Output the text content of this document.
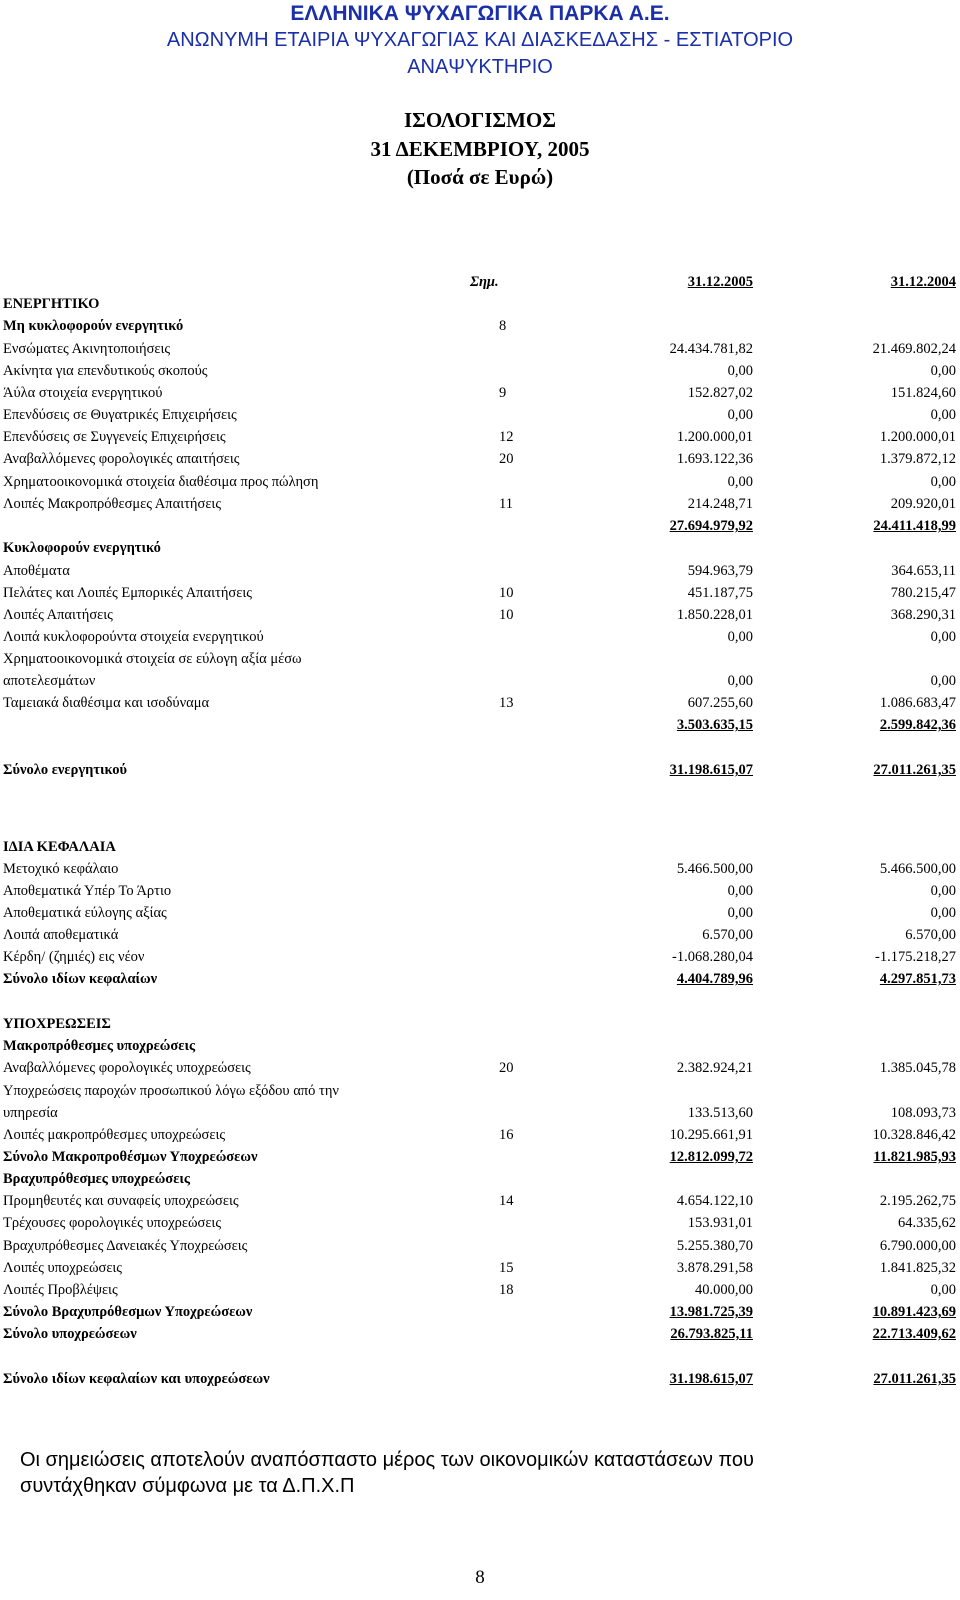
ΕΛΛΗΝΙΚΑ ΨΥΧΑΓΩΓΙΚΑ ΠΑΡΚΑ Α.Ε.
ΑΝΩΝΥΜΗ ΕΤΑΙΡΙΑ ΨΥΧΑΓΩΓΙΑΣ ΚΑΙ ΔΙΑΣΚΕΔΑΣΗΣ - ΕΣΤΙΑΤΟΡΙΟ
ΑΝΑΨΥΚΤΗΡΙΟ
ΙΣΟΛΟΓΙΣΜΟΣ
31 ΔΕΚΕΜΒΡΙΟΥ, 2005
(Ποσά σε Ευρώ)
Σημ.	31.12.2005	31.12.2004
ΕΝΕΡΓΗΤΙΚΟ
Μη κυκλοφορούν ενεργητικό	8
Ενσώματες Ακινητοποιήσεις	24.434.781,82	21.469.802,24
Ακίνητα για επενδυτικούς σκοπούς	0,00	0,00
Άύλα στοιχεία ενεργητικού	9	152.827,02	151.824,60
Επενδύσεις σε Θυγατρικές Επιχειρήσεις	0,00	0,00
Επενδύσεις σε Συγγενείς Επιχειρήσεις	12	1.200.000,01	1.200.000,01
Αναβαλλόμενες φορολογικές απαιτήσεις	20	1.693.122,36	1.379.872,12
Χρηματοοικονομικά στοιχεία διαθέσιμα προς πώληση	0,00	0,00
Λοιπές Μακροπρόθεσμες Απαιτήσεις	11	214.248,71	209.920,01
27.694.979,92	24.411.418,99
Κυκλοφορούν ενεργητικό
Αποθέματα	594.963,79	364.653,11
Πελάτες και Λοιπές Εμπορικές Απαιτήσεις	10	451.187,75	780.215,47
Λοιπές Απαιτήσεις	10	1.850.228,01	368.290,31
Λοιπά κυκλοφορούντα στοιχεία ενεργητικού	0,00	0,00
Χρηματοοικονομικά στοιχεία σε εύλογη αξία μέσω
αποτελεσμάτων	0,00	0,00
Ταμειακά διαθέσιμα και ισοδύναμα	13	607.255,60	1.086.683,47
3.503.635,15	2.599.842,36
Σύνολο ενεργητικού	31.198.615,07	27.011.261,35
ΙΔΙΑ ΚΕΦΑΛΑΙΑ
Μετοχικό κεφάλαιο	5.466.500,00	5.466.500,00
Αποθεματικά Υπέρ Το Άρτιο	0,00	0,00
Αποθεματικά εύλογης αξίας	0,00	0,00
Λοιπά αποθεματικά	6.570,00	6.570,00
Κέρδη/ (ζημιές) εις νέον	-1.068.280,04	-1.175.218,27
Σύνολο ιδίων κεφαλαίων	4.404.789,96	4.297.851,73
ΥΠΟΧΡΕΩΣΕΙΣ
Μακροπρόθεσμες υποχρεώσεις
Αναβαλλόμενες φορολογικές υποχρεώσεις	20	2.382.924,21	1.385.045,78
Υποχρεώσεις παροχών προσωπικού λόγω εξόδου από την
υπηρεσία	133.513,60	108.093,73
Λοιπές μακροπρόθεσμες υποχρεώσεις	16	10.295.661,91	10.328.846,42
Σύνολο Μακροπροθέσμων Υποχρεώσεων	12.812.099,72	11.821.985,93
Βραχυπρόθεσμες υποχρεώσεις
Προμηθευτές και συναφείς υποχρεώσεις	14	4.654.122,10	2.195.262,75
Τρέχουσες φορολογικές υποχρεώσεις	153.931,01	64.335,62
Βραχυπρόθεσμες Δανειακές Υποχρεώσεις	5.255.380,70	6.790.000,00
Λοιπές υποχρεώσεις	15	3.878.291,58	1.841.825,32
Λοιπές Προβλέψεις	18	40.000,00	0,00
Σύνολο Βραχυπρόθεσμων Υποχρεώσεων	13.981.725,39	10.891.423,69
Σύνολο υποχρεώσεων	26.793.825,11	22.713.409,62
Σύνολο ιδίων κεφαλαίων και υποχρεώσεων	31.198.615,07	27.011.261,35
Οι σημειώσεις αποτελούν αναπόσπαστο μέρος των οικονομικών καταστάσεων που
συντάχθηκαν σύμφωνα με τα Δ.Π.Χ.Π
8
